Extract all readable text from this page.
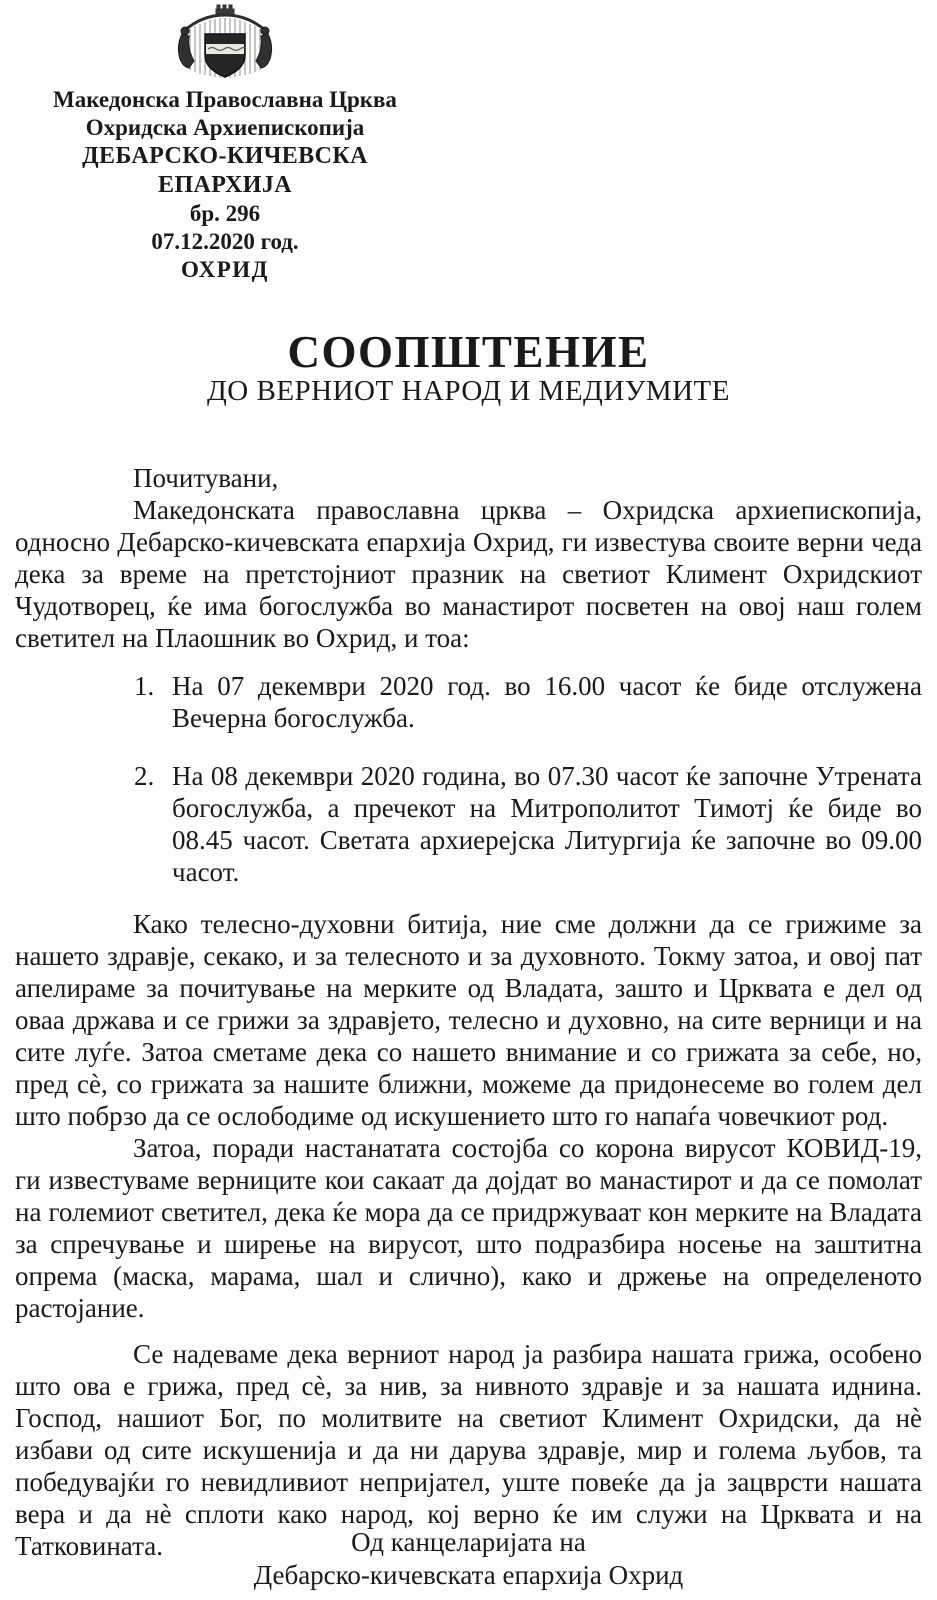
Македонска Православна Црква
Охридска Архиепископија
ДЕБАРСКО-КИЧЕВСКА ЕПАРХИЈА
бр. 296
07.12.2020 год.
ОХРИД
СООПШТЕНИЕ
ДО ВЕРНИОТ НАРОД И МЕДИУМИТЕ

Почитувани,

Македонската православна црква – Охридска архиепископија, односно Дебарско-кичевската епархија Охрид, ги известува своите верни чеда дека за време на претстојниот празник на светиот Климент Охридскиот Чудотворец, ќе има богослужба во манастирот посветен на овој наш голем светител на Плаошник во Охрид, и тоа:

1. На 07 декември 2020 год. во 16.00 часот ќе биде отслужена Вечерна богослужба.
2. На 08 декември 2020 година, во 07.30 часот ќе започне Утрената богослужба, а пречекот на Митрополитот Тимотј ќе биде во 08.45 часот. Светата архиерејска Литургија ќе започне во 09.00 часот.

Како телесно-духовни битија, ние сме должни да се грижиме за нашето здравје, секако, и за телесното и за духовното. Токму затоа, и овој пат апелираме за почитување на мерките од Владата, зашто и Црквата е дел од оваа држава и се грижи за здравјето, телесно и духовно, на сите верници и на сите луѓе. Затоа сметаме дека со нашето внимание и со грижата за себе, но, пред сè, со грижата за нашите ближни, можеме да придонесеме во голем дел што побрзо да се ослободиме од искушението што го напаѓа човечкиот род.

Затоа, поради настанатата состојба со корона вирусот КОВИД-19, ги известуваме верниците кои сакаат да дојдат во манастирот и да се помолат на големиот светител, дека ќе мора да се придржуваат кон мерките на Владата за спречување и ширење на вирусот, што подразбира носење на заштитна опрема (маска, марама, шал и слично), како и држење на определеното растојание.

Се надеваме дека верниот народ ја разбира нашата грижа, особено што ова е грижа, пред сè, за нив, за нивното здравје и за нашата иднина. Господ, нашиот Бог, по молитвите на светиот Климент Охридски, да нè избави од сите искушенија и да ни дарува здравје, мир и голема љубов, та победувајќи го невидливиот непријател, уште повеќе да ја зацврсти нашата вера и да нè сплоти како народ, кој верно ќе им служи на Црквата и на Татковината.	Од канцеларијата на
Дебарско-кичевската епархија Охрид
